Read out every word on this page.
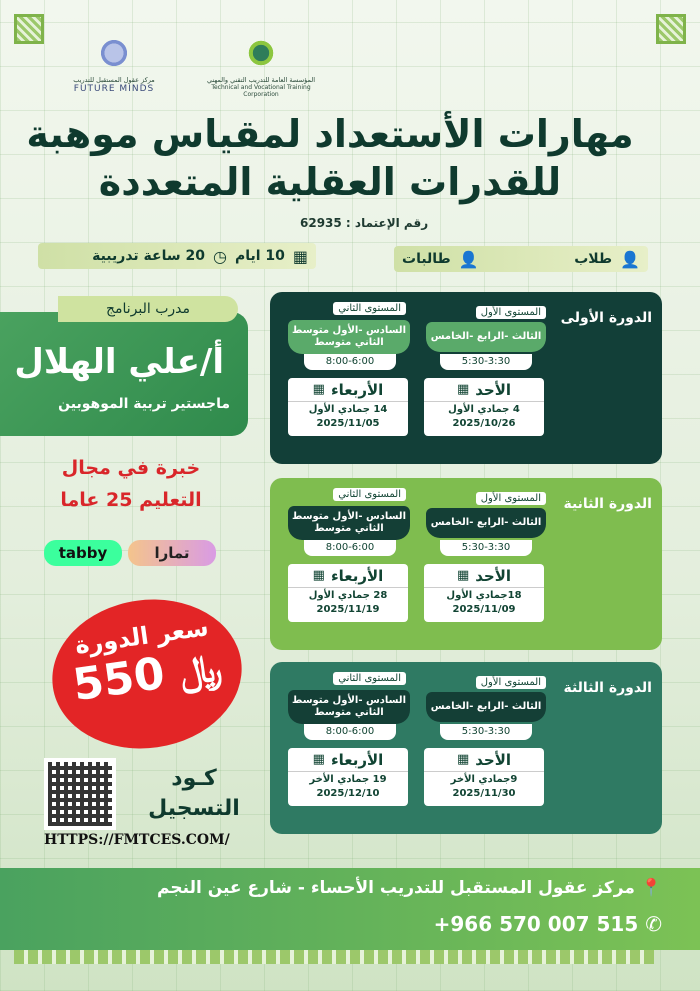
المؤسسة العامة للتدريب التقني والمهني
Technical and Vocational Training Corporation
مركز عقول المستقبل للتدريب
FUTURE MINDS
مهارات الأستعداد لمقياس موهبة
للقدرات العقلية المتعددة
رقم الإعتماد : 62935
👤
طلاب
👤
طالبات
▦
10 ايام
◷
20 ساعة تدريبية
أ/علي الهلال
ماجستير تربية الموهوبين
مدرب البرنامج
خبرة في مجال
التعليم 25 عاما
tabby	تمارا
سعر الدورة
﷼ 550
كـود
التسجيل
HTTPS://FMTCES.COM/
الدورة الأولى
المستوى الأول
الثالث -الرابع -الخامس
5:30-3:30
المستوى الثاني
السادس -الأول متوسط الثاني متوسط
8:00-6:00
الأحد
▦
4 جمادي الأول
2025/10/26
الأربعاء
▦
14 جمادي الأول
2025/11/05
الدورة الثانية
المستوى الأول
الثالث -الرابع -الخامس
5:30-3:30
المستوى الثاني
السادس -الأول متوسط الثاني متوسط
8:00-6:00
الأحد
▦
18جمادي الأول
2025/11/09
الأربعاء
▦
28 جمادي الأول
2025/11/19
الدورة الثالثة
المستوى الأول
الثالث -الرابع -الخامس
5:30-3:30
المستوى الثاني
السادس -الأول متوسط الثاني متوسط
8:00-6:00
الأحد
▦
9جمادي الأخر
2025/11/30
الأربعاء
▦
19 جمادي الأخر
2025/12/10
📍 مركز عقول المستقبل للتدريب الأحساء - شارع عين النجم
+966 570 007 515 ✆
